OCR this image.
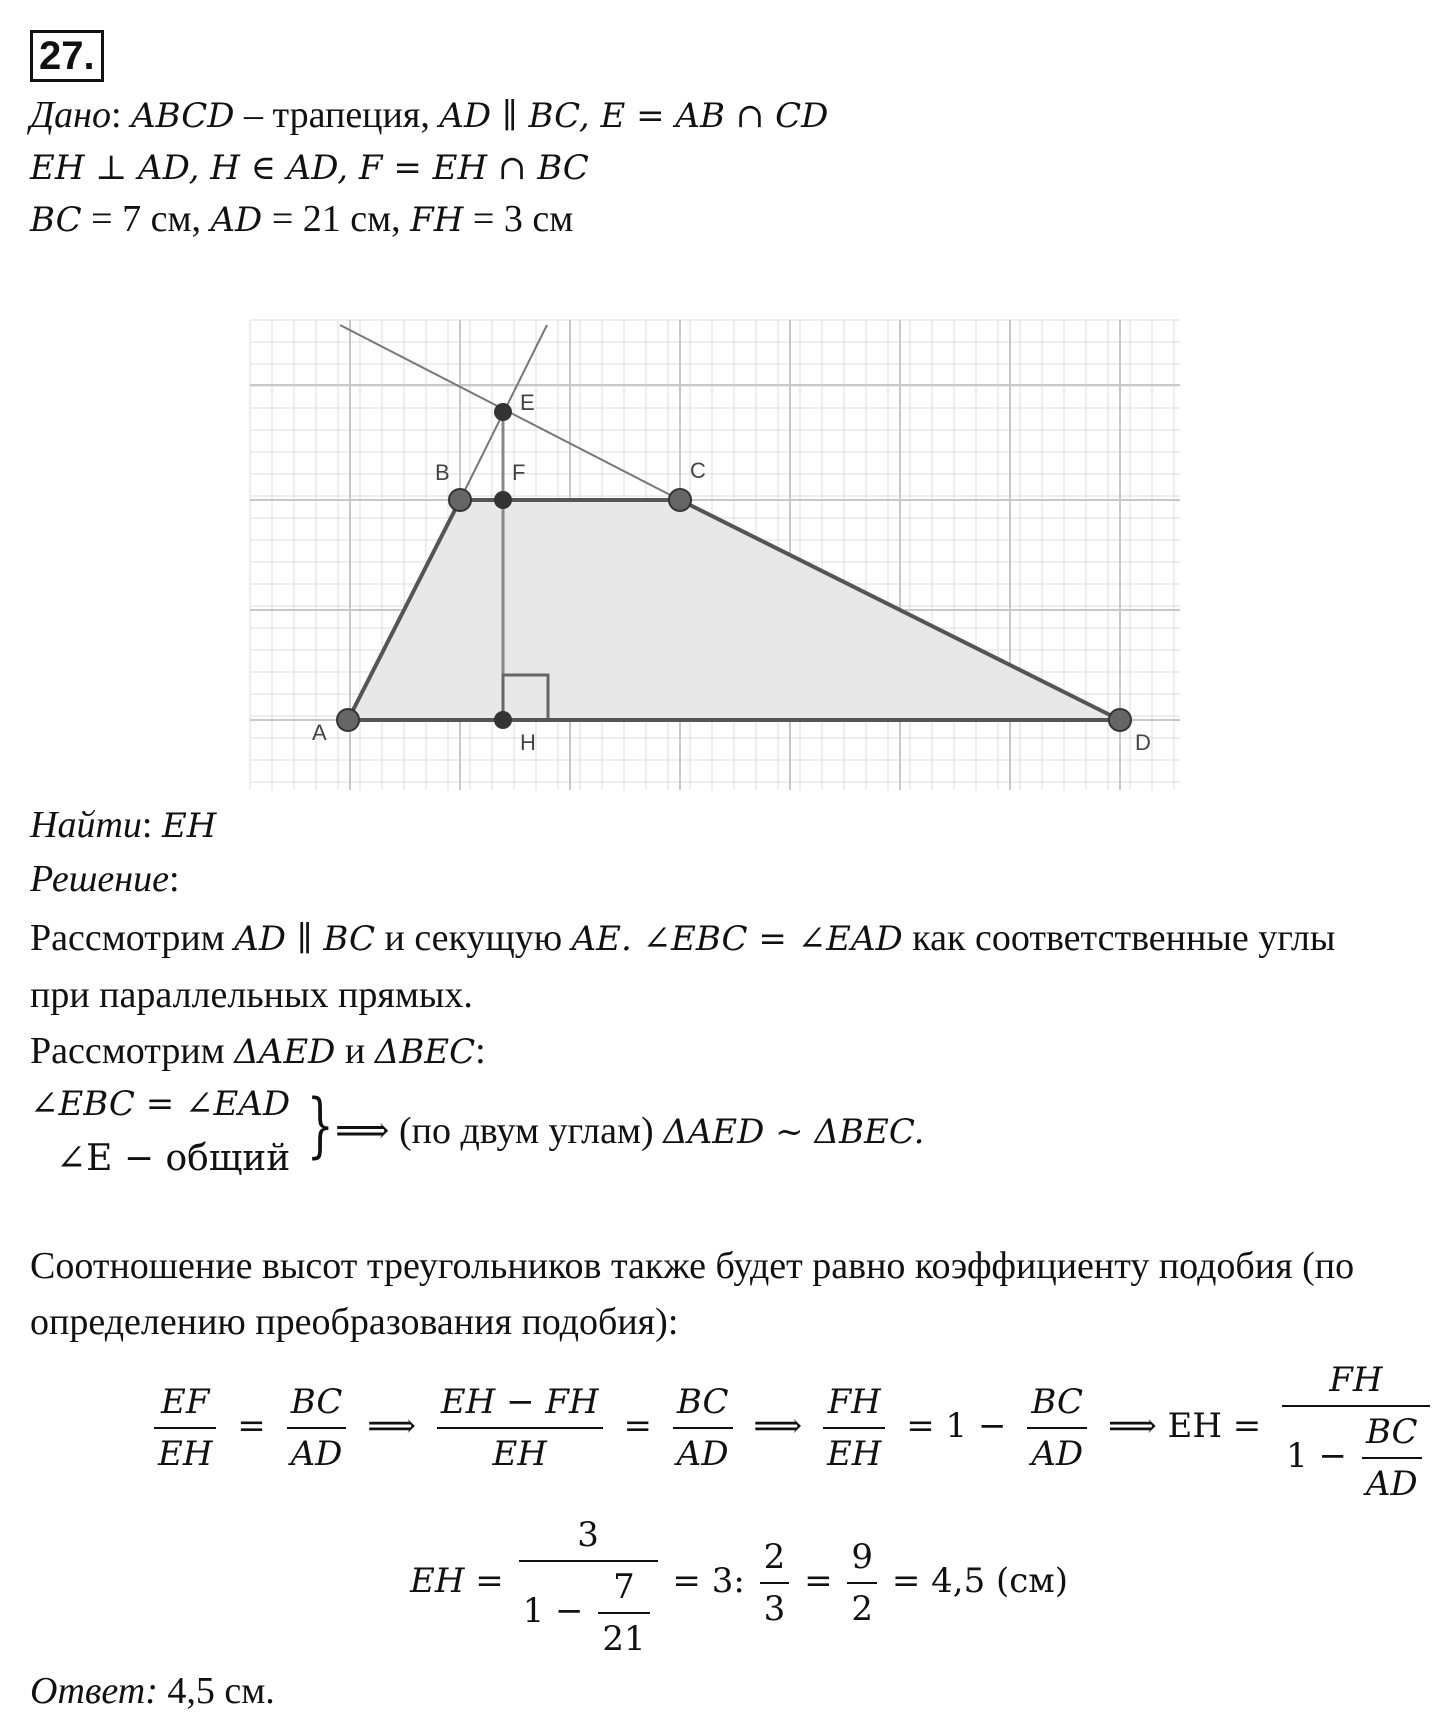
27.
Дано: ABCD – трапеция, AD ∥ BC, E = AB ∩ CD
EH ⊥ AD, H ∈ AD, F = EH ∩ BC
BC = 7 см, AD = 21 см, FH = 3 см
A
B	C
D
E
F
H
Найти: EH
Решение:
Рассмотрим AD ∥ BC и секущую AE. ∠EBC = ∠EAD как соответственные углы при параллельных прямых.
Рассмотрим ΔAED и ΔBEC:
∠EBC = ∠EAD
∠E − общий } ⟹ (по двум углам) ΔAED ~ ΔBEC.
Соотношение высот треугольников также будет равно коэффициенту подобия (по определению преобразования подобия):
$\frac{EF}{EH} = \frac{BC}{AD}$ ⟹ $\frac{EH - FH}{EH} = \frac{BC}{AD}$ ⟹ $\frac{FH}{EH} = 1 - \frac{BC}{AD}$ ⟹ EH = $\frac{FH}{1 - \frac{BC}{AD}}$
EH = $\frac{3}{1 - \frac{7}{21}} = 3$: $\frac{2}{3} = \frac{9}{2} = 4,5$ (см)
Ответ: 4,5 см.
